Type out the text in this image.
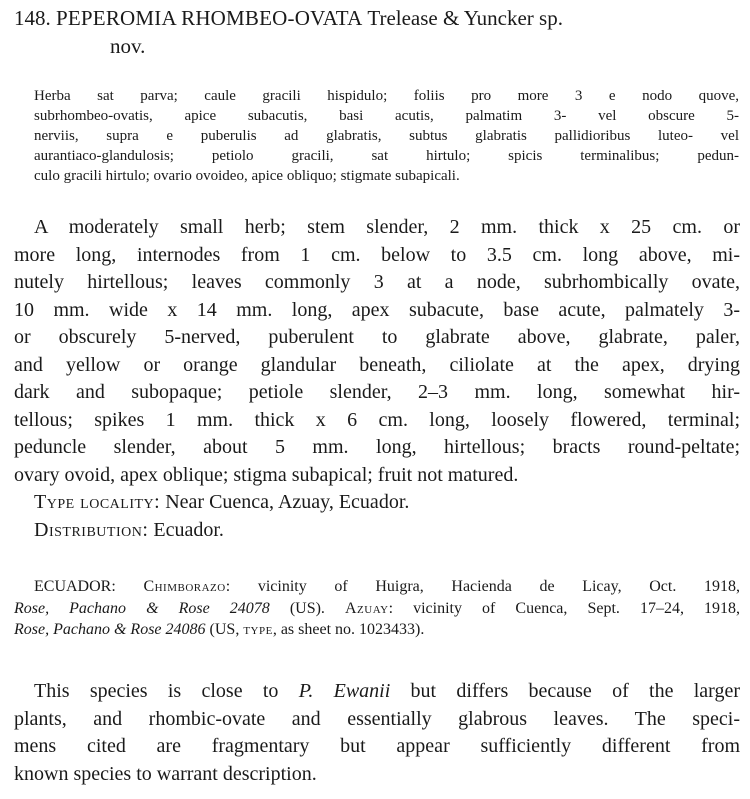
148. PEPEROMIA RHOMBEO-OVATA Trelease & Yuncker sp.
nov.
Herba sat parva; caule gracili hispidulo; foliis pro more 3 e nodo quove,
subrhombeo-ovatis, apice subacutis, basi acutis, palmatim 3- vel obscure 5-
nerviis, supra e puberulis ad glabratis, subtus glabratis pallidioribus luteo- vel
aurantiaco-glandulosis; petiolo gracili, sat hirtulo; spicis terminalibus; pedun-
culo gracili hirtulo; ovario ovoideo, apice obliquo; stigmate subapicali.
A moderately small herb; stem slender, 2 mm. thick x 25 cm. or
more long, internodes from 1 cm. below to 3.5 cm. long above, mi-
nutely hirtellous; leaves commonly 3 at a node, subrhombically ovate,
10 mm. wide x 14 mm. long, apex subacute, base acute, palmately 3-
or obscurely 5-nerved, puberulent to glabrate above, glabrate, paler,
and yellow or orange glandular beneath, ciliolate at the apex, drying
dark and subopaque; petiole slender, 2–3 mm. long, somewhat hir-
tellous; spikes 1 mm. thick x 6 cm. long, loosely flowered, terminal;
peduncle slender, about 5 mm. long, hirtellous; bracts round-peltate;
ovary ovoid, apex oblique; stigma subapical; fruit not matured.
Type locality: Near Cuenca, Azuay, Ecuador.
Distribution: Ecuador.
ECUADOR: Chimborazo: vicinity of Huigra, Hacienda de Licay, Oct. 1918,
Rose, Pachano & Rose 24078 (US). Azuay: vicinity of Cuenca, Sept. 17–24, 1918,
Rose, Pachano & Rose 24086 (US, type, as sheet no. 1023433).
This species is close to P. Ewanii but differs because of the larger
plants, and rhombic-ovate and essentially glabrous leaves. The speci-
mens cited are fragmentary but appear sufficiently different from
known species to warrant description.
